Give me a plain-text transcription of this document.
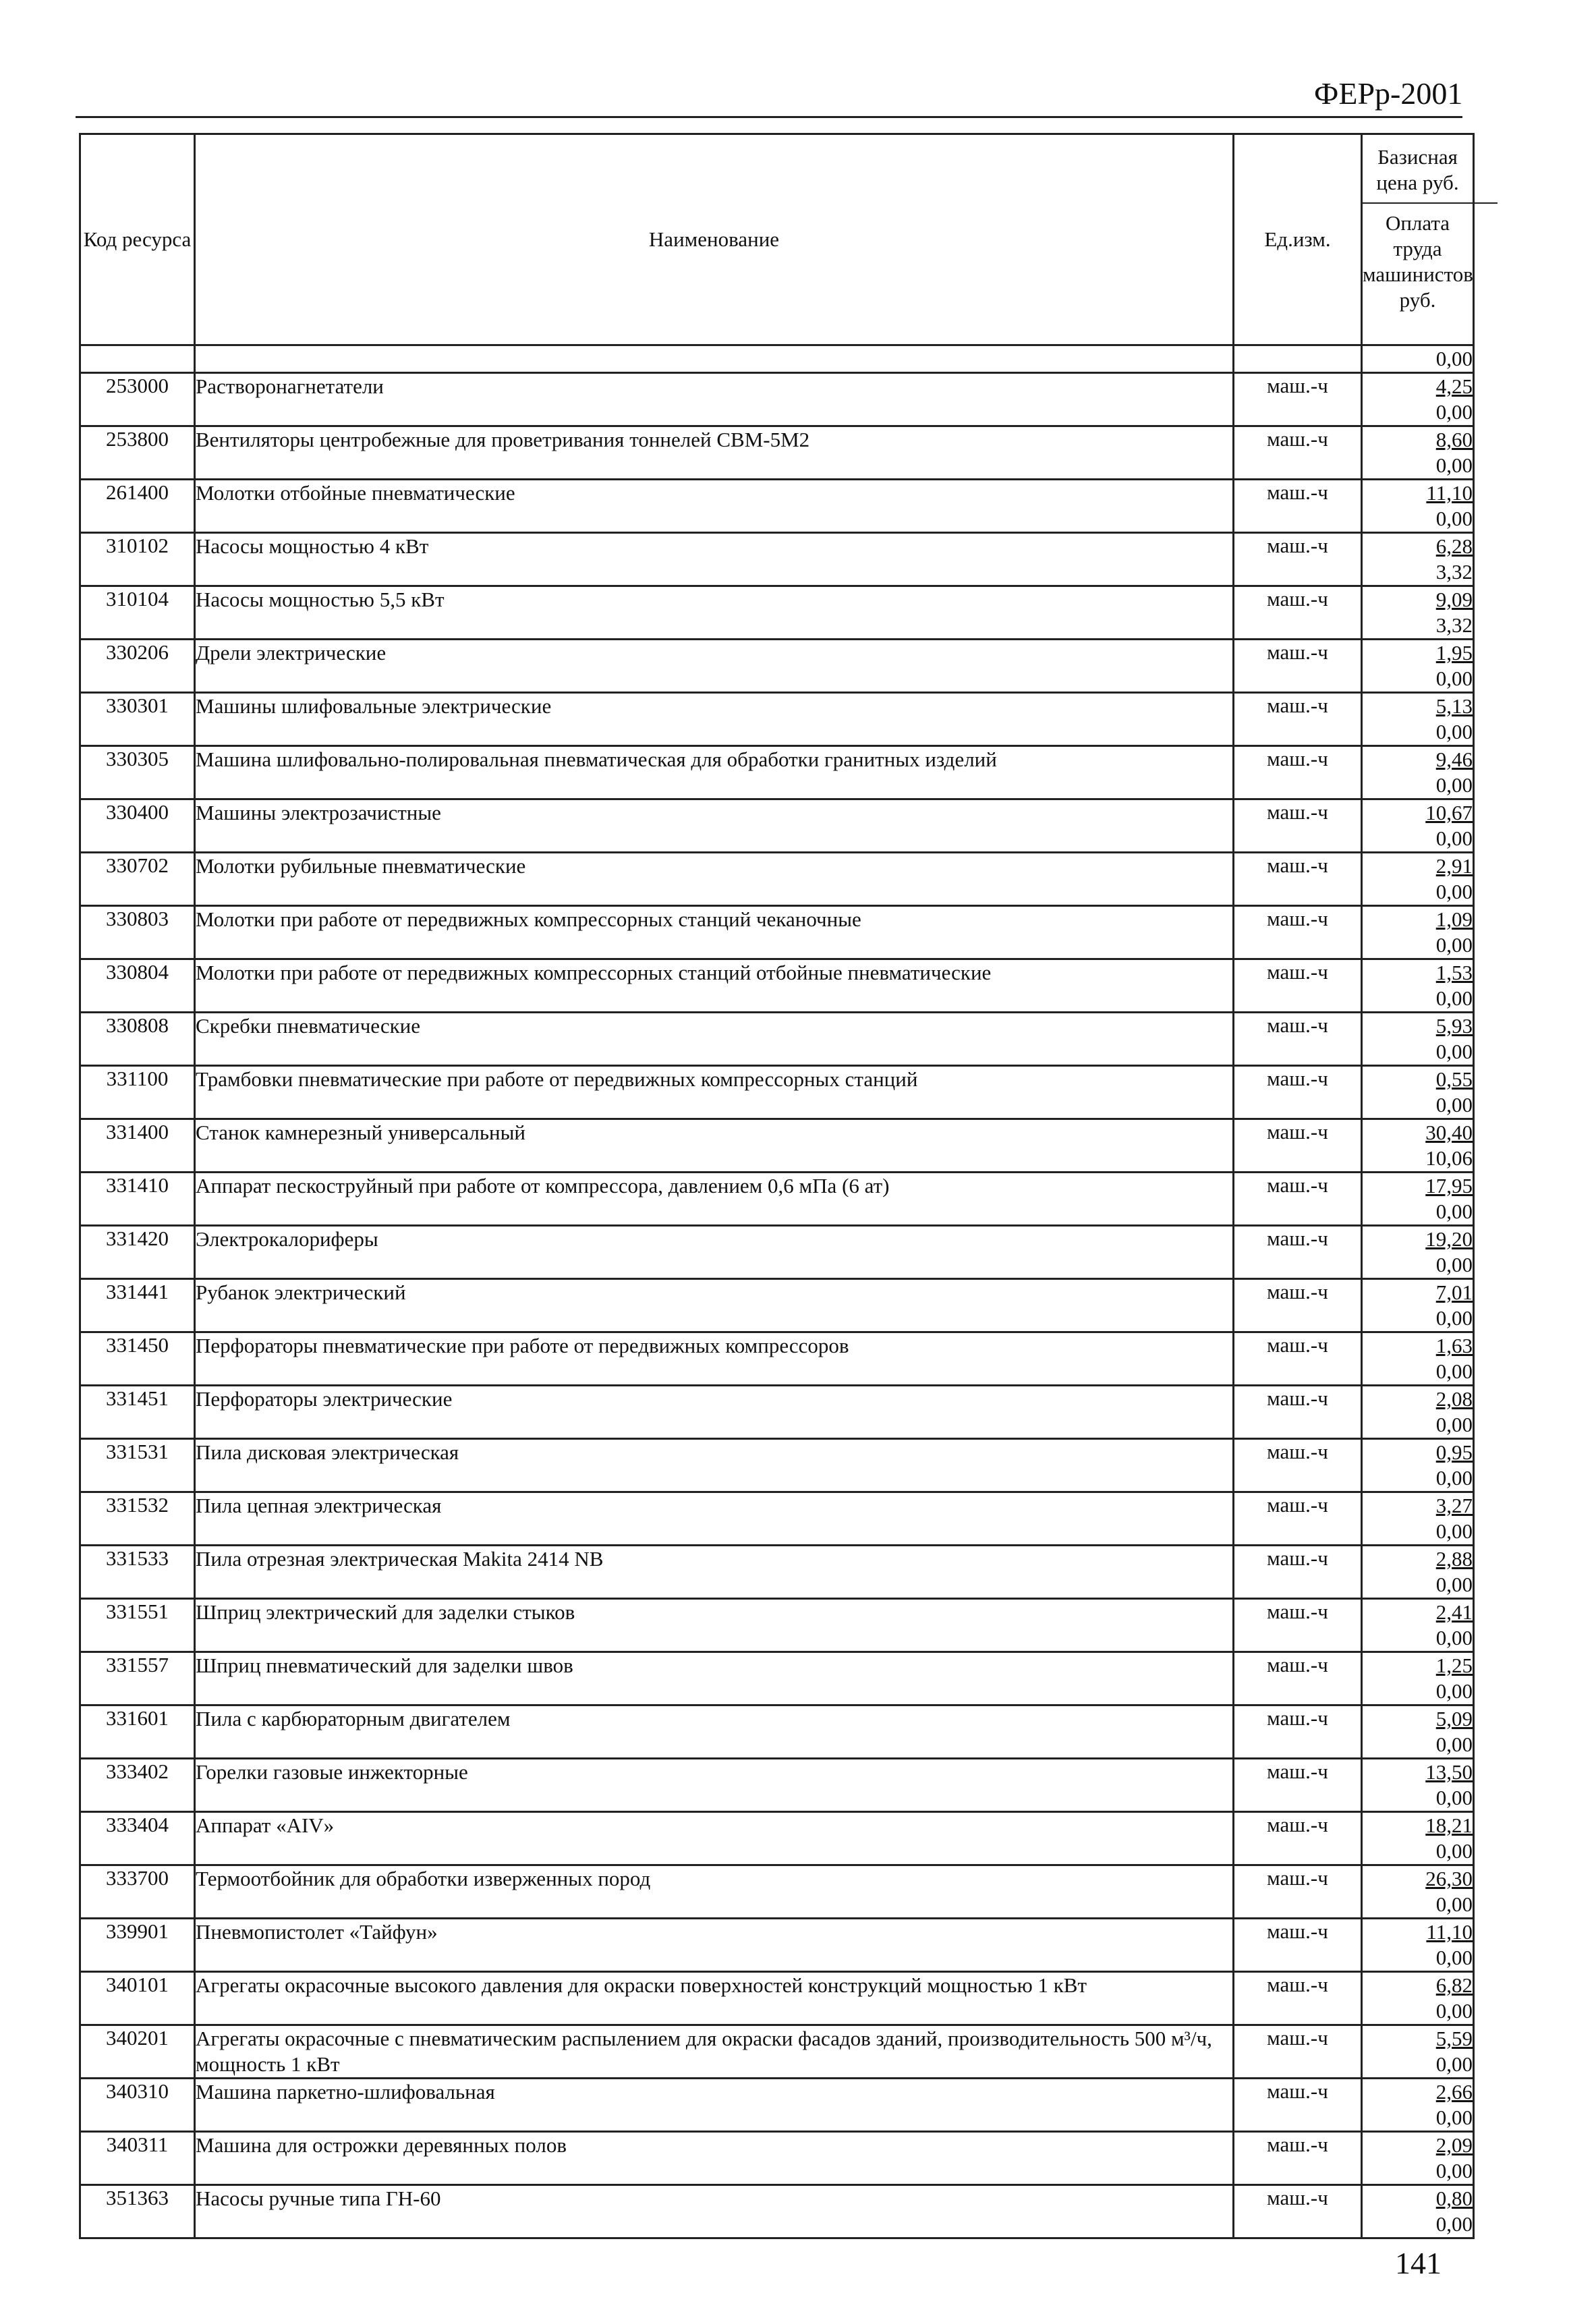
ФЕРр-2001
Код ресурса	Наименование	Ед.изм.	Базисная цена руб.
Оплата труда машинистов руб.

			0,00
253000	Растворонагнетатели	маш.-ч	4,25
0,00

253800	Вентиляторы центробежные для проветривания тоннелей СВМ-5М2	маш.-ч	8,60
0,00

261400	Молотки отбойные пневматические	маш.-ч	11,10
0,00

310102	Насосы мощностью 4 кВт	маш.-ч	6,28
3,32

310104	Насосы мощностью 5,5 кВт	маш.-ч	9,09
3,32

330206	Дрели электрические	маш.-ч	1,95
0,00

330301	Машины шлифовальные электрические	маш.-ч	5,13
0,00

330305	Машина шлифовально-полировальная пневматическая для обработки гранитных изделий	маш.-ч	9,46
0,00

330400	Машины электрозачистные	маш.-ч	10,67
0,00

330702	Молотки рубильные пневматические	маш.-ч	2,91
0,00

330803	Молотки при работе от передвижных компрессорных станций чеканочные	маш.-ч	1,09
0,00

330804	Молотки при работе от передвижных компрессорных станций отбойные пневматические	маш.-ч	1,53
0,00

330808	Скребки пневматические	маш.-ч	5,93
0,00

331100	Трамбовки пневматические при работе от передвижных компрессорных станций	маш.-ч	0,55
0,00

331400	Станок камнерезный универсальный	маш.-ч	30,40
10,06

331410	Аппарат пескоструйный при работе от компрессора, давлением 0,6 мПа (6 ат)	маш.-ч	17,95
0,00

331420	Электрокалориферы	маш.-ч	19,20
0,00

331441	Рубанок электрический	маш.-ч	7,01
0,00

331450	Перфораторы пневматические при работе от передвижных компрессоров	маш.-ч	1,63
0,00

331451	Перфораторы электрические	маш.-ч	2,08
0,00

331531	Пила дисковая электрическая	маш.-ч	0,95
0,00

331532	Пила цепная электрическая	маш.-ч	3,27
0,00

331533	Пила отрезная электрическая Makita 2414 NB	маш.-ч	2,88
0,00

331551	Шприц электрический для заделки стыков	маш.-ч	2,41
0,00

331557	Шприц пневматический для заделки швов	маш.-ч	1,25
0,00

331601	Пила с карбюраторным двигателем	маш.-ч	5,09
0,00

333402	Горелки газовые инжекторные	маш.-ч	13,50
0,00

333404	Аппарат «AIV»	маш.-ч	18,21
0,00

333700	Термоотбойник для обработки изверженных пород	маш.-ч	26,30
0,00

339901	Пневмопистолет «Тайфун»	маш.-ч	11,10
0,00

340101	Агрегаты окрасочные высокого давления для окраски поверхностей конструкций мощностью 1 кВт	маш.-ч	6,82
0,00

340201	Агрегаты окрасочные с пневматическим распылением для окраски фасадов зданий, производительность 500 м³/ч, мощность 1 кВт	маш.-ч	5,59
0,00

340310	Машина паркетно-шлифовальная	маш.-ч	2,66
0,00

340311	Машина для острожки деревянных полов	маш.-ч	2,09
0,00

351363	Насосы ручные типа ГН-60	маш.-ч	0,80
0,00
141
